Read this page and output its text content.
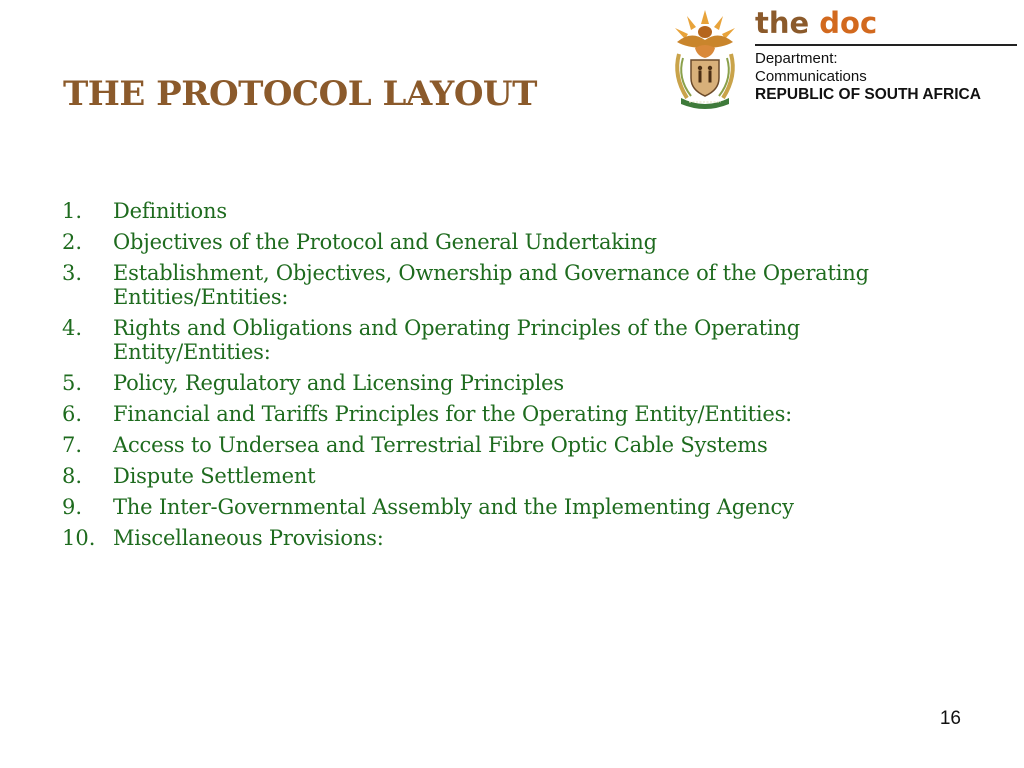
THE PROTOCOL LAYOUT
the doc
Department:
Communications
REPUBLIC OF SOUTH AFRICA
1.	Definitions
2.	Objectives of the Protocol and General Undertaking
3.	Establishment, Objectives, Ownership and Governance of the Operating Entities/Entities:
4.	Rights and Obligations and Operating Principles of the Operating Entity/Entities:
5.	Policy, Regulatory and Licensing Principles
6.	Financial and Tariffs Principles for the Operating Entity/Entities:
7.	Access to Undersea and Terrestrial Fibre Optic Cable Systems
8.	Dispute Settlement
9.	The Inter-Governmental Assembly and the Implementing Agency
10. Miscellaneous Provisions:
16
